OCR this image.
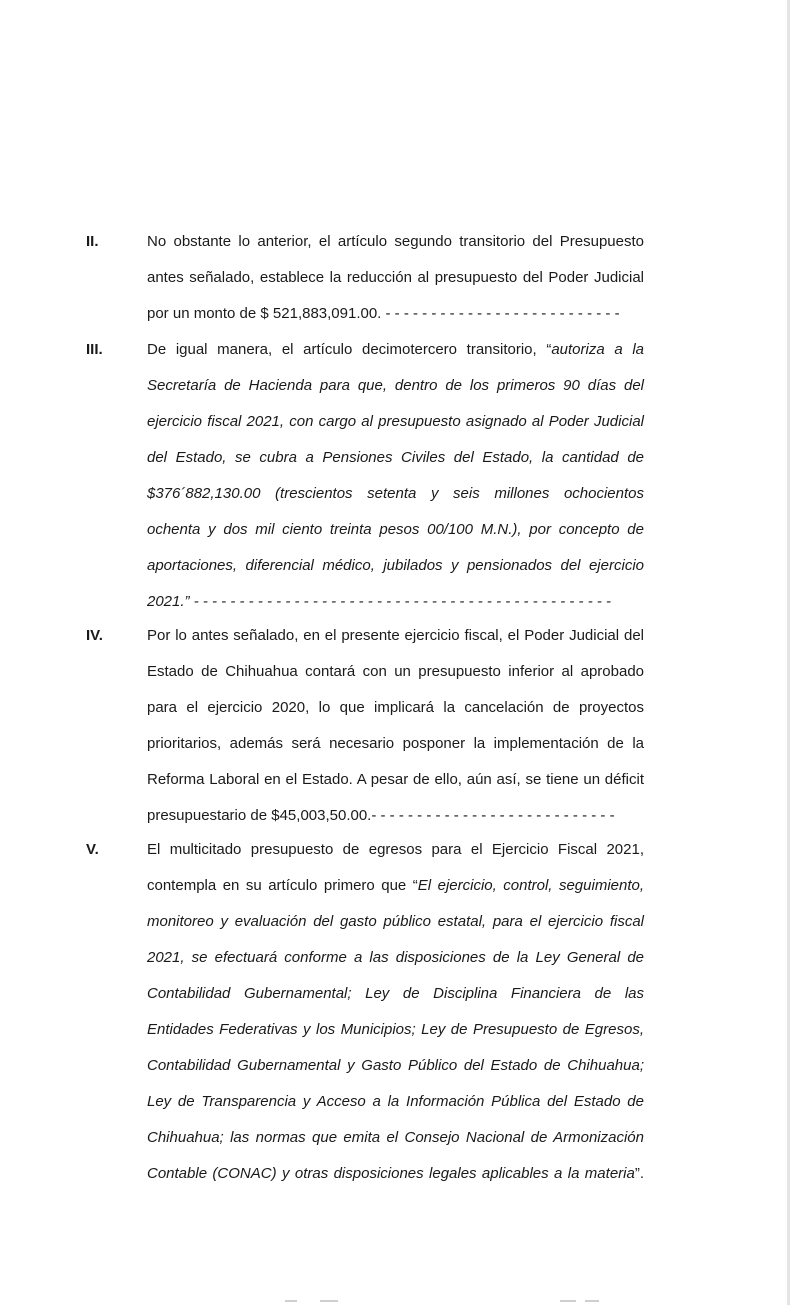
II.	No obstante lo anterior, el artículo segundo transitorio del Presupuesto
antes señalado, establece la reducción al presupuesto del Poder Judicial
por un monto de $ 521,883,091.00. - - - - - - - - - - - - - - - - - - - - - - - - - -
III.	De igual manera, el artículo decimotercero transitorio, “autoriza a la
Secretaría de Hacienda para que, dentro de los primeros 90 días del
ejercicio fiscal 2021, con cargo al presupuesto asignado al Poder Judicial
del Estado, se cubra a Pensiones Civiles del Estado, la cantidad de
$376´882,130.00 (trescientos setenta y seis millones ochocientos
ochenta y dos mil ciento treinta pesos 00/100 M.N.), por concepto de
aportaciones, diferencial médico, jubilados y pensionados del ejercicio
2021.” - - - - - - - - - - - - - - - - - - - - - - - - - - - - - - - - - - - - - - - - - - - - - -
IV.	Por lo antes señalado, en el presente ejercicio fiscal, el Poder Judicial del
Estado de Chihuahua contará con un presupuesto inferior al aprobado
para el ejercicio 2020, lo que implicará la cancelación de proyectos
prioritarios, además será necesario posponer la implementación de la
Reforma Laboral en el Estado. A pesar de ello, aún así, se tiene un déficit
presupuestario de $45,003,50.00.- - - - - - - - - - - - - - - - - - - - - - - - - - -
V.	El multicitado presupuesto de egresos para el Ejercicio Fiscal 2021,
contempla en su artículo primero que “El ejercicio, control, seguimiento,
monitoreo y evaluación del gasto público estatal, para el ejercicio fiscal
2021, se efectuará conforme a las disposiciones de la Ley General de
Contabilidad Gubernamental; Ley de Disciplina Financiera de las
Entidades Federativas y los Municipios; Ley de Presupuesto de Egresos,
Contabilidad Gubernamental y Gasto Público del Estado de Chihuahua;
Ley de Transparencia y Acceso a la Información Pública del Estado de
Chihuahua; las normas que emita el Consejo Nacional de Armonización
Contable (CONAC) y otras disposiciones legales aplicables a la materia”.
